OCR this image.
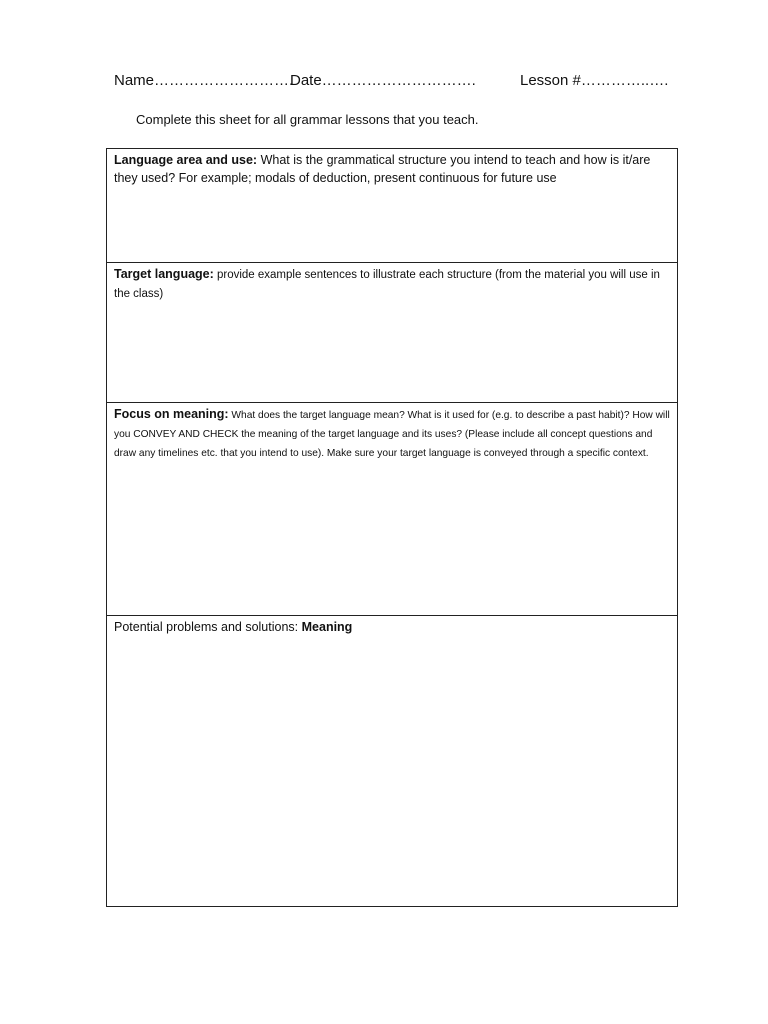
Name……………………….
Date………………………….	Lesson #…………..….
Complete this sheet for all grammar lessons that you teach.
Language area and use: What is the grammatical structure you intend to teach and how is it/are they used? For example; modals of deduction, present continuous for future use
Target language: provide example sentences to illustrate each structure (from the material you will use in the class)
Focus on meaning: What does the target language mean? What is it used for (e.g. to describe a past habit)? How will you CONVEY AND CHECK the meaning of the target language and its uses? (Please include all concept questions and draw any timelines etc. that you intend to use). Make sure your target language is conveyed through a specific context.
Potential problems and solutions: Meaning
